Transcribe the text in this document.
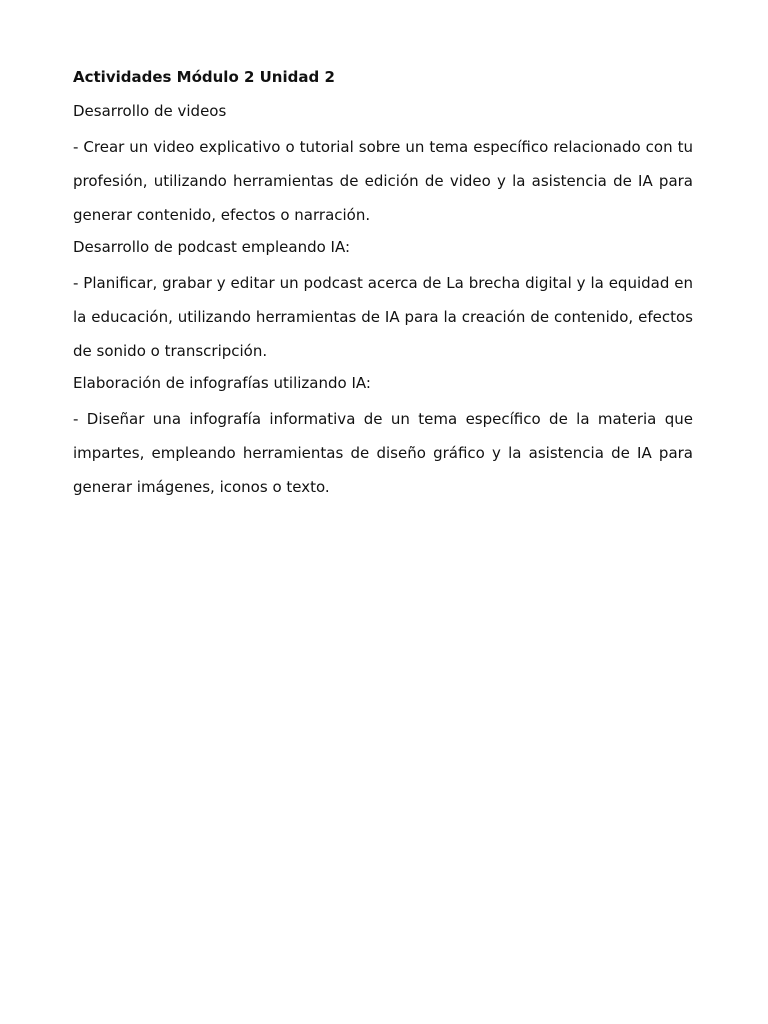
Actividades Módulo 2 Unidad 2
Desarrollo de videos
- Crear un video explicativo o tutorial sobre un tema específico relacionado con tu profesión, utilizando herramientas de edición de video y la asistencia de IA para generar contenido, efectos o narración.
Desarrollo de podcast empleando IA:
- Planificar, grabar y editar un podcast acerca de La brecha digital y la equidad en la educación, utilizando herramientas de IA para la creación de contenido, efectos de sonido o transcripción.
Elaboración de infografías utilizando IA:
- Diseñar una infografía informativa de un tema específico de la materia que impartes, empleando herramientas de diseño gráfico y la asistencia de IA para generar imágenes, iconos o texto.
